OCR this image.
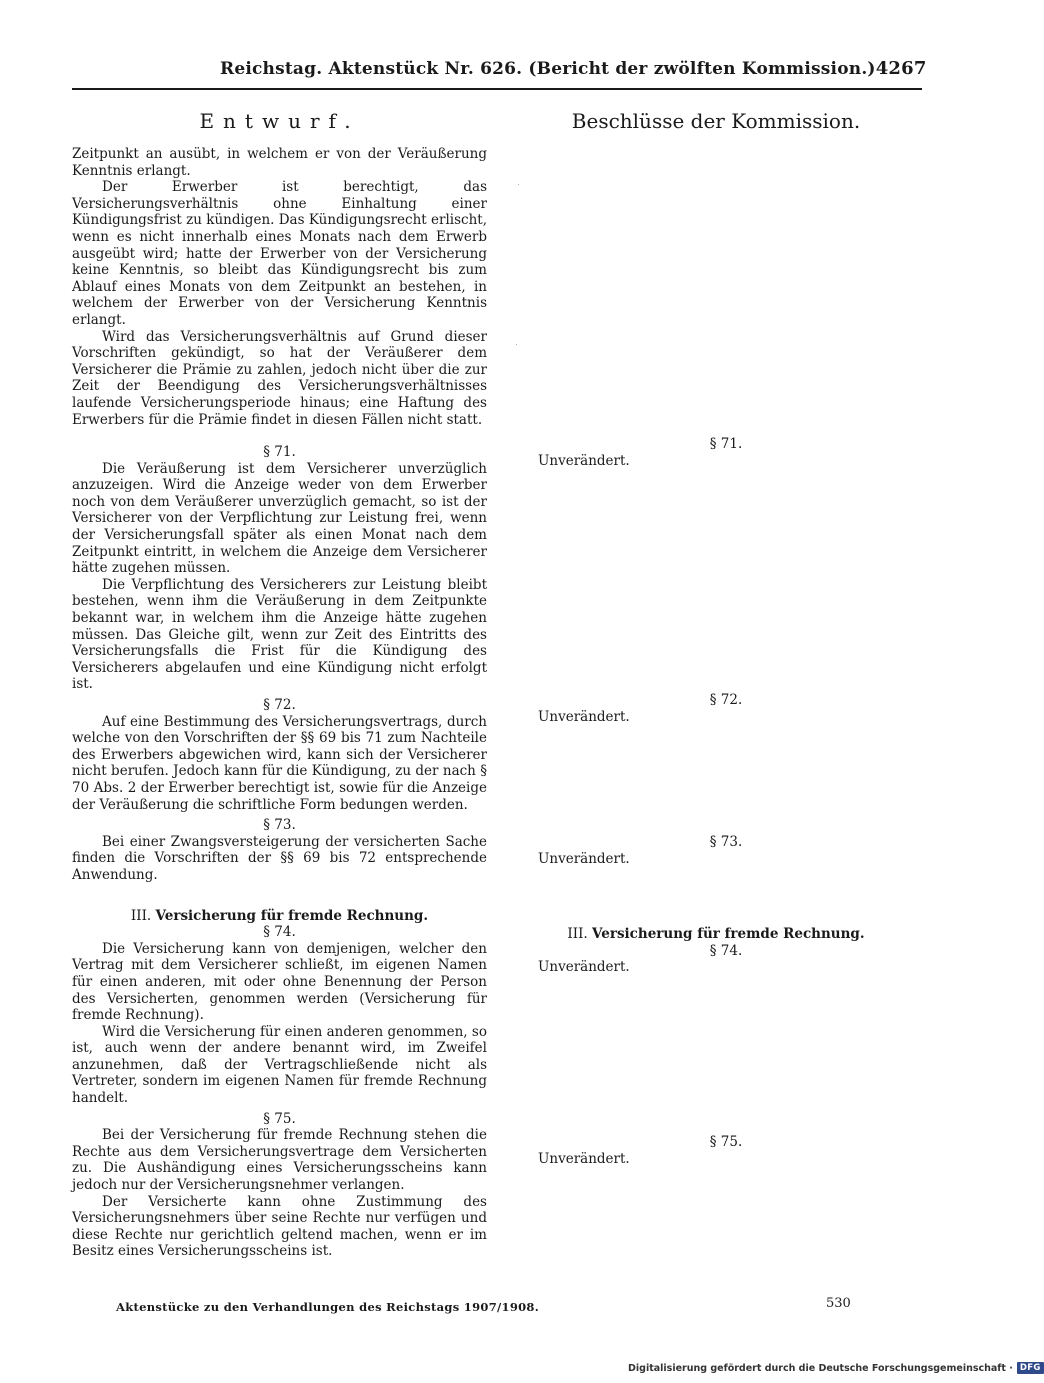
Reichstag. Aktenstück Nr. 626. (Bericht der zwölften Kommission.) 4267
Entwurf.

Zeitpunkt an ausübt, in welchem er von der Veräußerung Kenntnis erlangt.

Der Erwerber ist berechtigt, das Versicherungsverhältnis ohne Einhaltung einer Kündigungsfrist zu kündigen. Das Kündigungsrecht erlischt, wenn es nicht innerhalb eines Monats nach dem Erwerb ausgeübt wird; hatte der Erwerber von der Versicherung keine Kenntnis, so bleibt das Kündigungsrecht bis zum Ablauf eines Monats von dem Zeitpunkt an bestehen, in welchem der Erwerber von der Versicherung Kenntnis erlangt.

Wird das Versicherungsverhältnis auf Grund dieser Vorschriften gekündigt, so hat der Veräußerer dem Versicherer die Prämie zu zahlen, jedoch nicht über die zur Zeit der Beendigung des Versicherungsverhältnisses laufende Versicherungsperiode hinaus; eine Haftung des Erwerbers für die Prämie findet in diesen Fällen nicht statt.

§ 71.

Die Veräußerung ist dem Versicherer unverzüglich anzuzeigen. Wird die Anzeige weder von dem Erwerber noch von dem Veräußerer unverzüglich gemacht, so ist der Versicherer von der Verpflichtung zur Leistung frei, wenn der Versicherungsfall später als einen Monat nach dem Zeitpunkt eintritt, in welchem die Anzeige dem Versicherer hätte zugehen müssen.

Die Verpflichtung des Versicherers zur Leistung bleibt bestehen, wenn ihm die Veräußerung in dem Zeitpunkte bekannt war, in welchem ihm die Anzeige hätte zugehen müssen. Das Gleiche gilt, wenn zur Zeit des Eintritts des Versicherungsfalls die Frist für die Kündigung des Versicherers abgelaufen und eine Kündigung nicht erfolgt ist.

§ 72.

Auf eine Bestimmung des Versicherungsvertrags, durch welche von den Vorschriften der §§ 69 bis 71 zum Nachteile des Erwerbers abgewichen wird, kann sich der Versicherer nicht berufen. Jedoch kann für die Kündigung, zu der nach § 70 Abs. 2 der Erwerber berechtigt ist, sowie für die Anzeige der Veräußerung die schriftliche Form bedungen werden.

§ 73.

Bei einer Zwangsversteigerung der versicherten Sache finden die Vorschriften der §§ 69 bis 72 entsprechende Anwendung.

III. Versicherung für fremde Rechnung.
§ 74.

Die Versicherung kann von demjenigen, welcher den Vertrag mit dem Versicherer schließt, im eigenen Namen für einen anderen, mit oder ohne Benennung der Person des Versicherten, genommen werden (Versicherung für fremde Rechnung).

Wird die Versicherung für einen anderen genommen, so ist, auch wenn der andere benannt wird, im Zweifel anzunehmen, daß der Vertragschließende nicht als Vertreter, sondern im eigenen Namen für fremde Rechnung handelt.

§ 75.

Bei der Versicherung für fremde Rechnung stehen die Rechte aus dem Versicherungsvertrage dem Versicherten zu. Die Aushändigung eines Versicherungsscheins kann jedoch nur der Versicherungsnehmer verlangen.

Der Versicherte kann ohne Zustimmung des Versicherungsnehmers über seine Rechte nur verfügen und diese Rechte nur gerichtlich geltend machen, wenn er im Besitz eines Versicherungsscheins ist.

Beschlüsse der Kommission.
§ 71.
Unverändert.
§ 72.
Unverändert.
§ 73.
Unverändert.
III. Versicherung für fremde Rechnung.
§ 74.
Unverändert.
§ 75.
Unverändert.
Aktenstücke zu den Verhandlungen des Reichstags 1907/1908.	530
Digitalisierung gefördert durch die Deutsche Forschungsgemeinschaft · DFG
